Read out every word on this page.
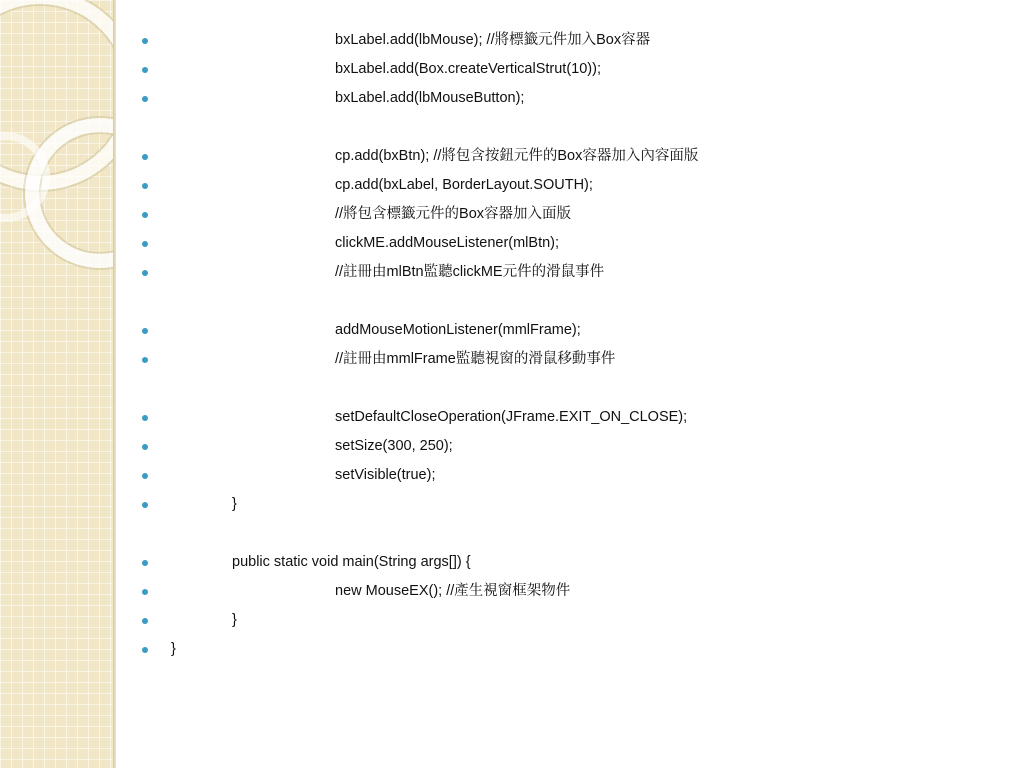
bxLabel.add(lbMouse); //將標籤元件加入Box容器
bxLabel.add(Box.createVerticalStrut(10));
bxLabel.add(lbMouseButton);
cp.add(bxBtn); //將包含按鈕元件的Box容器加入內容面版
cp.add(bxLabel, BorderLayout.SOUTH);
//將包含標籤元件的Box容器加入面版
clickME.addMouseListener(mlBtn);
//註冊由mlBtn監聽clickME元件的滑鼠事件
addMouseMotionListener(mmlFrame);
//註冊由mmlFrame監聽視窗的滑鼠移動事件
setDefaultCloseOperation(JFrame.EXIT_ON_CLOSE);
setSize(300, 250);
setVisible(true);
}
public static void main(String args[]) {
new MouseEX(); //產生視窗框架物件
}
}
